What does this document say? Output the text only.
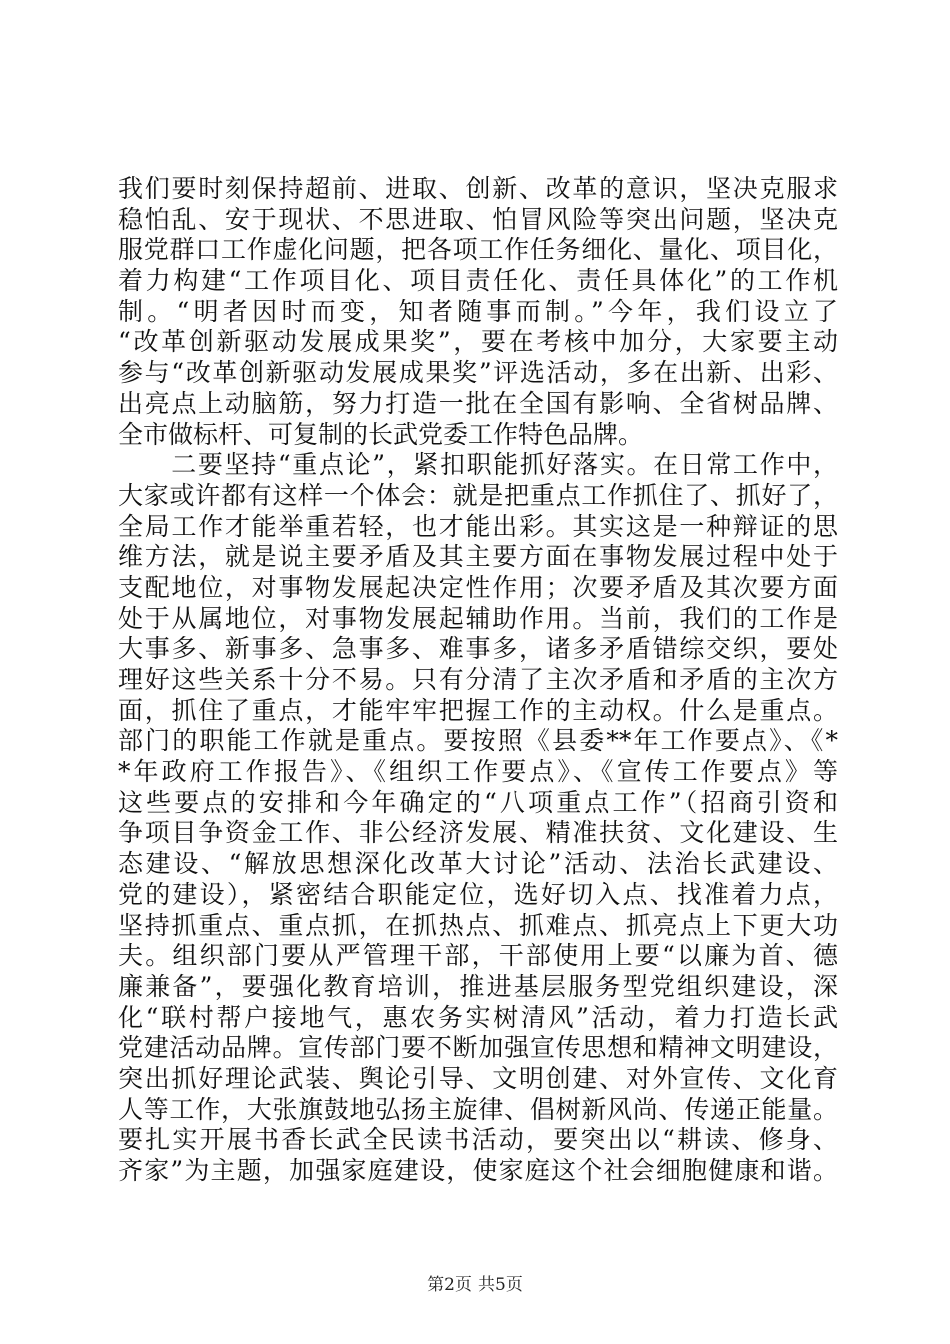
我们要时刻保持超前、进取、创新、改革的意识，坚决克服求
稳怕乱、安于现状、不思进取、怕冒风险等突出问题，坚决克
服党群口工作虚化问题，把各项工作任务细化、量化、项目化，
着力构建“工作项目化、项目责任化、责任具体化”的工作机
制。“明者因时而变，知者随事而制。”今年，我们设立了
“改革创新驱动发展成果奖”，要在考核中加分，大家要主动
参与“改革创新驱动发展成果奖”评选活动，多在出新、出彩、
出亮点上动脑筋，努力打造一批在全国有影响、全省树品牌、
全市做标杆、可复制的长武党委工作特色品牌。
　　二要坚持“重点论”，紧扣职能抓好落实。在日常工作中，
大家或许都有这样一个体会：就是把重点工作抓住了、抓好了，
全局工作才能举重若轻，也才能出彩。其实这是一种辩证的思
维方法，就是说主要矛盾及其主要方面在事物发展过程中处于
支配地位，对事物发展起决定性作用；次要矛盾及其次要方面
处于从属地位，对事物发展起辅助作用。当前，我们的工作是
大事多、新事多、急事多、难事多，诸多矛盾错综交织，要处
理好这些关系十分不易。只有分清了主次矛盾和矛盾的主次方
面，抓住了重点，才能牢牢把握工作的主动权。什么是重点。
部门的职能工作就是重点。要按照《县委**年工作要点》、《*
*年政府工作报告》、《组织工作要点》、《宣传工作要点》等
这些要点的安排和今年确定的“八项重点工作”（招商引资和
争项目争资金工作、非公经济发展、精准扶贫、文化建设、生
态建设、“解放思想深化改革大讨论”活动、法治长武建设、
党的建设），紧密结合职能定位，选好切入点、找准着力点，
坚持抓重点、重点抓，在抓热点、抓难点、抓亮点上下更大功
夫。组织部门要从严管理干部，干部使用上要“以廉为首、德
廉兼备”，要强化教育培训，推进基层服务型党组织建设，深
化“联村帮户接地气，惠农务实树清风”活动，着力打造长武
党建活动品牌。宣传部门要不断加强宣传思想和精神文明建设，
突出抓好理论武装、舆论引导、文明创建、对外宣传、文化育
人等工作，大张旗鼓地弘扬主旋律、倡树新风尚、传递正能量。
要扎实开展书香长武全民读书活动，要突出以“耕读、修身、
齐家”为主题，加强家庭建设，使家庭这个社会细胞健康和谐。
第2页 共5页
